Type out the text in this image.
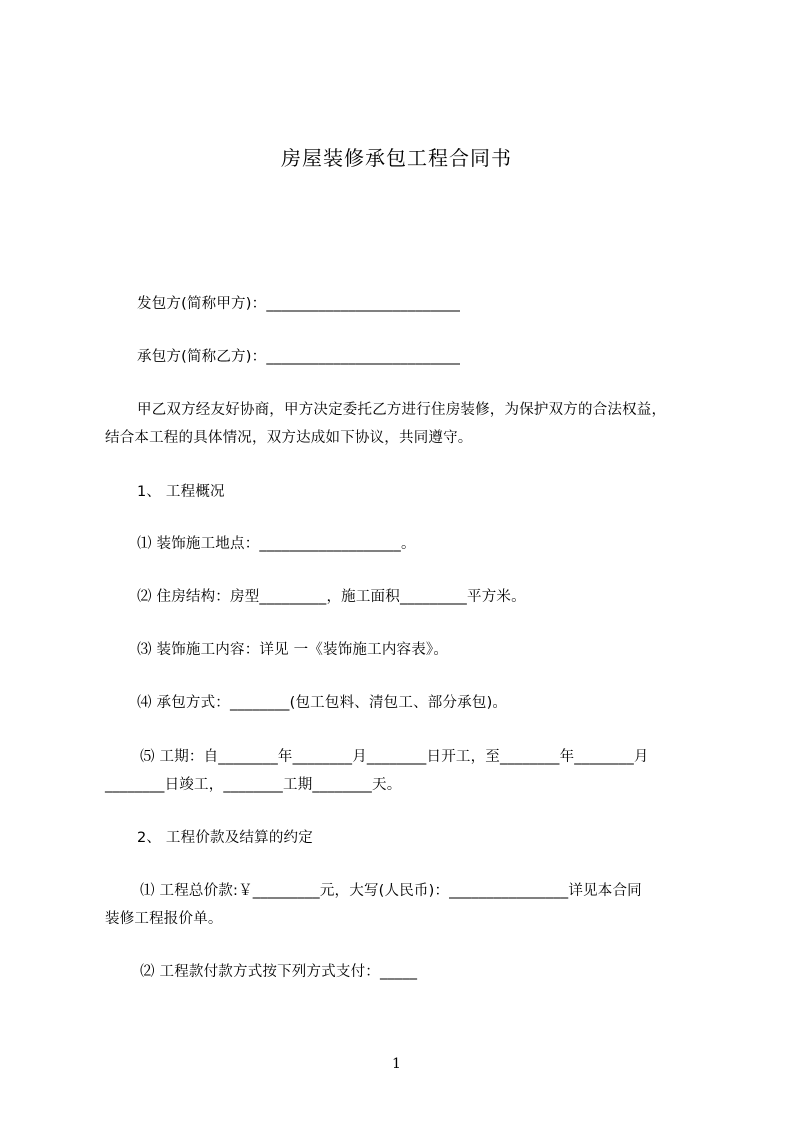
房屋装修承包工程合同书
发包方(简称甲方)：__________________________
承包方(简称乙方)：__________________________
甲乙双方经友好协商，甲方决定委托乙方进行住房装修，为保护双方的合法权益，
结合本工程的具体情况，双方达成如下协议，共同遵守。
1、 工程概况
⑴ 装饰施工地点：___________________。
⑵ 住房结构：房型_________，施工面积_________平方米。
⑶ 装饰施工内容：详见 一《装饰施工内容表》。
⑷ 承包方式：________(包工包料、清包工、部分承包)。
⑸ 工期：自________年________月________日开工，至________年________月
________日竣工，________工期________天。
2、 工程价款及结算的约定
⑴ 工程总价款:￥_________元，大写(人民币)：________________详见本合同
装修工程报价单。
⑵ 工程款付款方式按下列方式支付：_____
1
